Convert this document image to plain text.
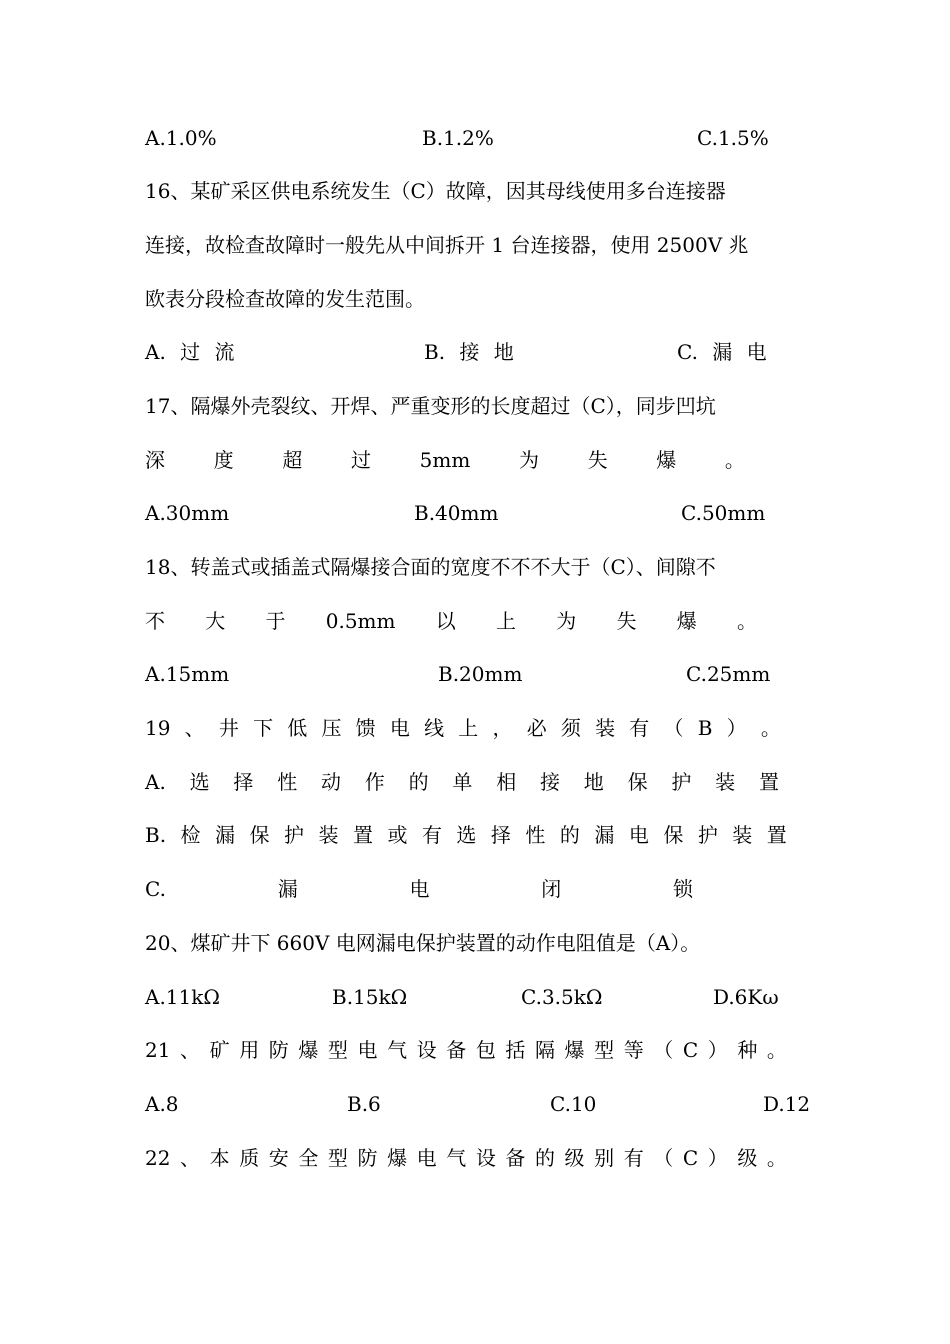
A.1.0%	B.1.2%	C.1.5%
16、某矿采区供电系统发生（C）故障，因其母线使用多台连接器
连接，故检查故障时一般先从中间拆开 1 台连接器，使用 2500V 兆
欧表分段检查故障的发生范围。
A. 过 流	B. 接 地	C. 漏 电
17、隔爆外壳裂纹、开焊、严重变形的长度超过（C），同步凹坑
深 度 超 过 5mm 为 失 爆 。
A.30mm	B.40mm	C.50mm
18、转盖式或插盖式隔爆接合面的宽度不不不大于（C）、间隙不
不 大 于 0.5mm 以 上 为 失 爆 。
A.15mm	B.20mm	C.25mm
19 、 井 下 低 压 馈 电 线 上 ， 必 须 装 有 （ B ） 。
A. 选 择 性 动 作 的 单 相 接 地 保 护 装 置
B. 检 漏 保 护 装 置 或 有 选 择 性 的 漏 电 保 护 装 置
C.	漏	电	闭	锁
20、煤矿井下 660V 电网漏电保护装置的动作电阻值是（A）。
A.11kΩ	B.15kΩ	C.3.5kΩ	D.6Kω
21 、 矿 用 防 爆 型 电 气 设 备 包 括 隔 爆 型 等 （ C ） 种 。
A.8	B.6	C.10	D.12
22 、 本 质 安 全 型 防 爆 电 气 设 备 的 级 别 有 （ C ） 级 。
